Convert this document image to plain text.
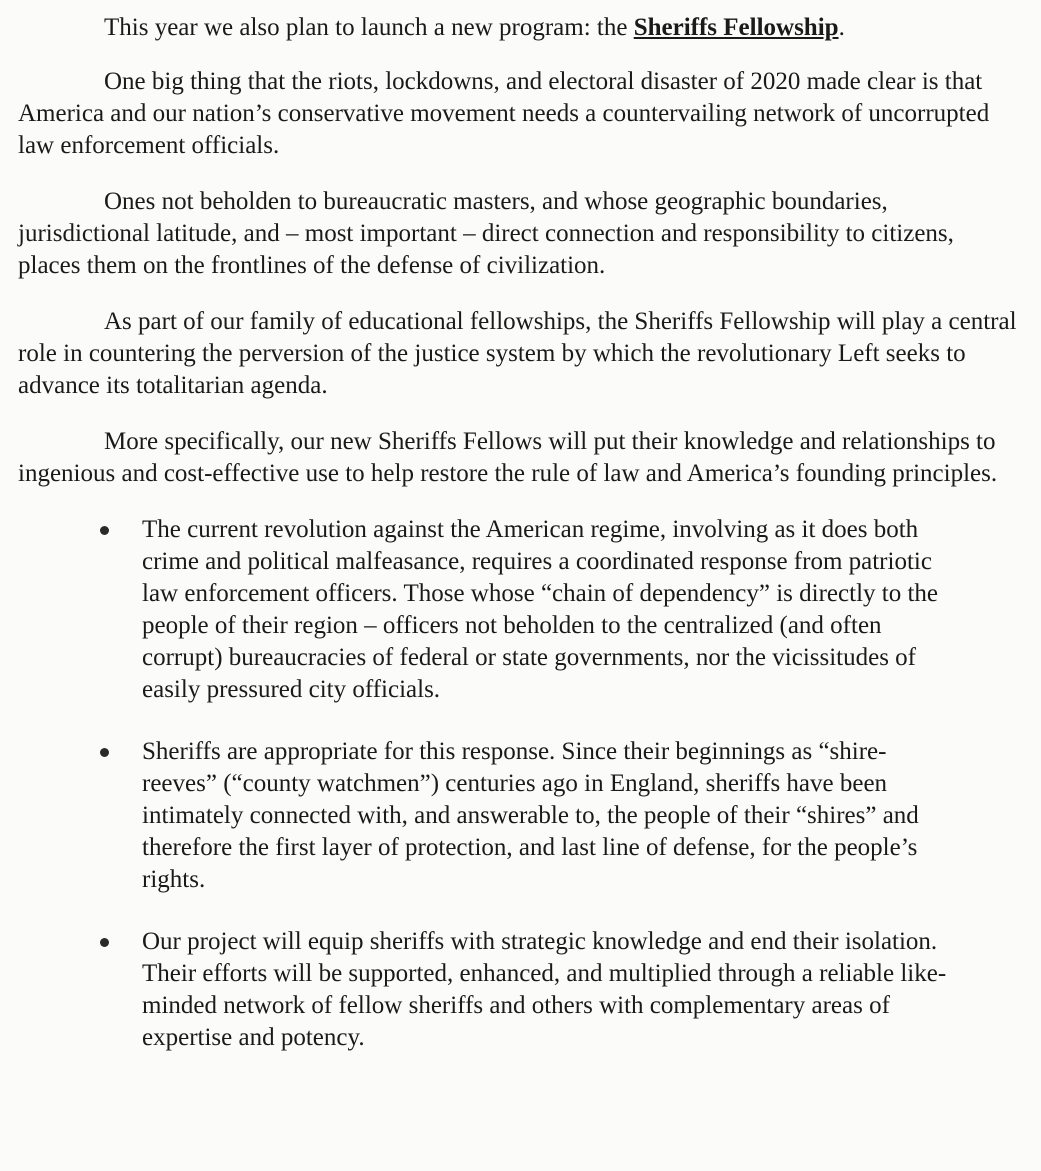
This year we also plan to launch a new program: the Sheriffs Fellowship.

One big thing that the riots, lockdowns, and electoral disaster of 2020 made clear is that America and our nation’s conservative movement needs a countervailing network of uncorrupted law enforcement officials.

Ones not beholden to bureaucratic masters, and whose geographic boundaries, jurisdictional latitude, and – most important – direct connection and responsibility to citizens, places them on the frontlines of the defense of civilization.

As part of our family of educational fellowships, the Sheriffs Fellowship will play a central role in countering the perversion of the justice system by which the revolutionary Left seeks to advance its totalitarian agenda.

More specifically, our new Sheriffs Fellows will put their knowledge and relationships to ingenious and cost-effective use to help restore the rule of law and America’s founding principles.

The current revolution against the American regime, involving as it does both crime and political malfeasance, requires a coordinated response from patriotic law enforcement officers. Those whose “chain of dependency” is directly to the people of their region – officers not beholden to the centralized (and often corrupt) bureaucracies of federal or state governments, nor the vicissitudes of easily pressured city officials.
Sheriffs are appropriate for this response. Since their beginnings as “shire-reeves” (“county watchmen”) centuries ago in England, sheriffs have been intimately connected with, and answerable to, the people of their “shires” and therefore the first layer of protection, and last line of defense, for the people’s rights.
Our project will equip sheriffs with strategic knowledge and end their isolation. Their efforts will be supported, enhanced, and multiplied through a reliable like-minded network of fellow sheriffs and others with complementary areas of expertise and potency.
